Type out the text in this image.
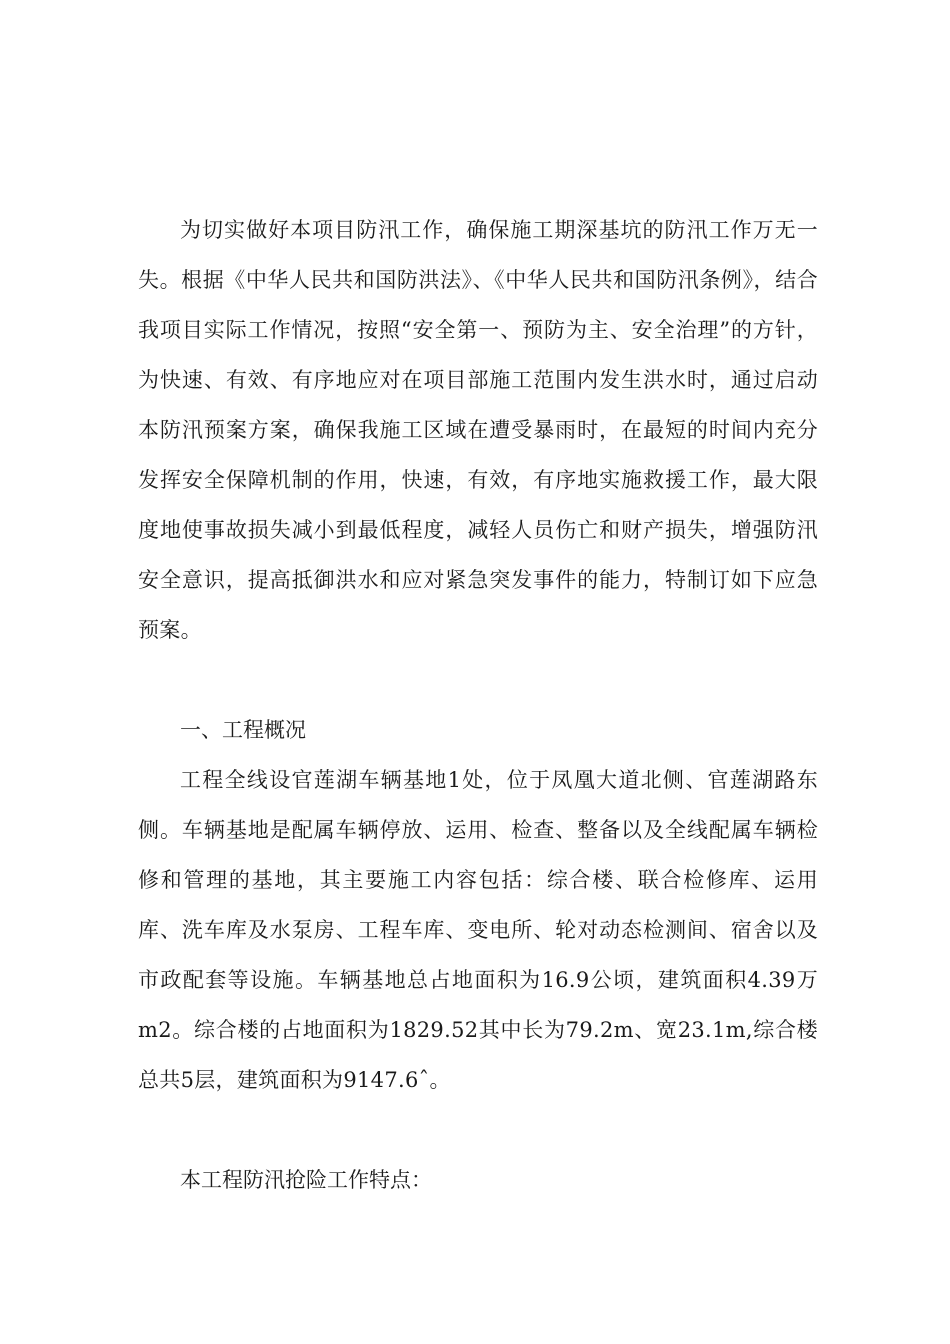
为切实做好本项目防汛工作，确保施工期深基坑的防汛工作万无一失。根据《中华人民共和国防洪法》、《中华人民共和国防汛条例》，结合我项目实际工作情况，按照“安全第一、预防为主、安全治理”的方针，为快速、有效、有序地应对在项目部施工范围内发生洪水时，通过启动本防汛预案方案，确保我施工区域在遭受暴雨时，在最短的时间内充分发挥安全保障机制的作用，快速，有效，有序地实施救援工作，最大限度地使事故损失减小到最低程度，减轻人员伤亡和财产损失，增强防汛安全意识，提高抵御洪水和应对紧急突发事件的能力，特制订如下应急预案。

一、工程概况

工程全线设官莲湖车辆基地1处，位于凤凰大道北侧、官莲湖路东侧。车辆基地是配属车辆停放、运用、检查、整备以及全线配属车辆检修和管理的基地，其主要施工内容包括：综合楼、联合检修库、运用库、洗车库及水泵房、工程车库、变电所、轮对动态检测间、宿舍以及市政配套等设施。车辆基地总占地面积为16.9公顷，建筑面积4.39万m2。综合楼的占地面积为1829.52其中长为79.2m、宽23.1m,综合楼总共5层，建筑面积为9147.6ˆ。

本工程防汛抢险工作特点：
